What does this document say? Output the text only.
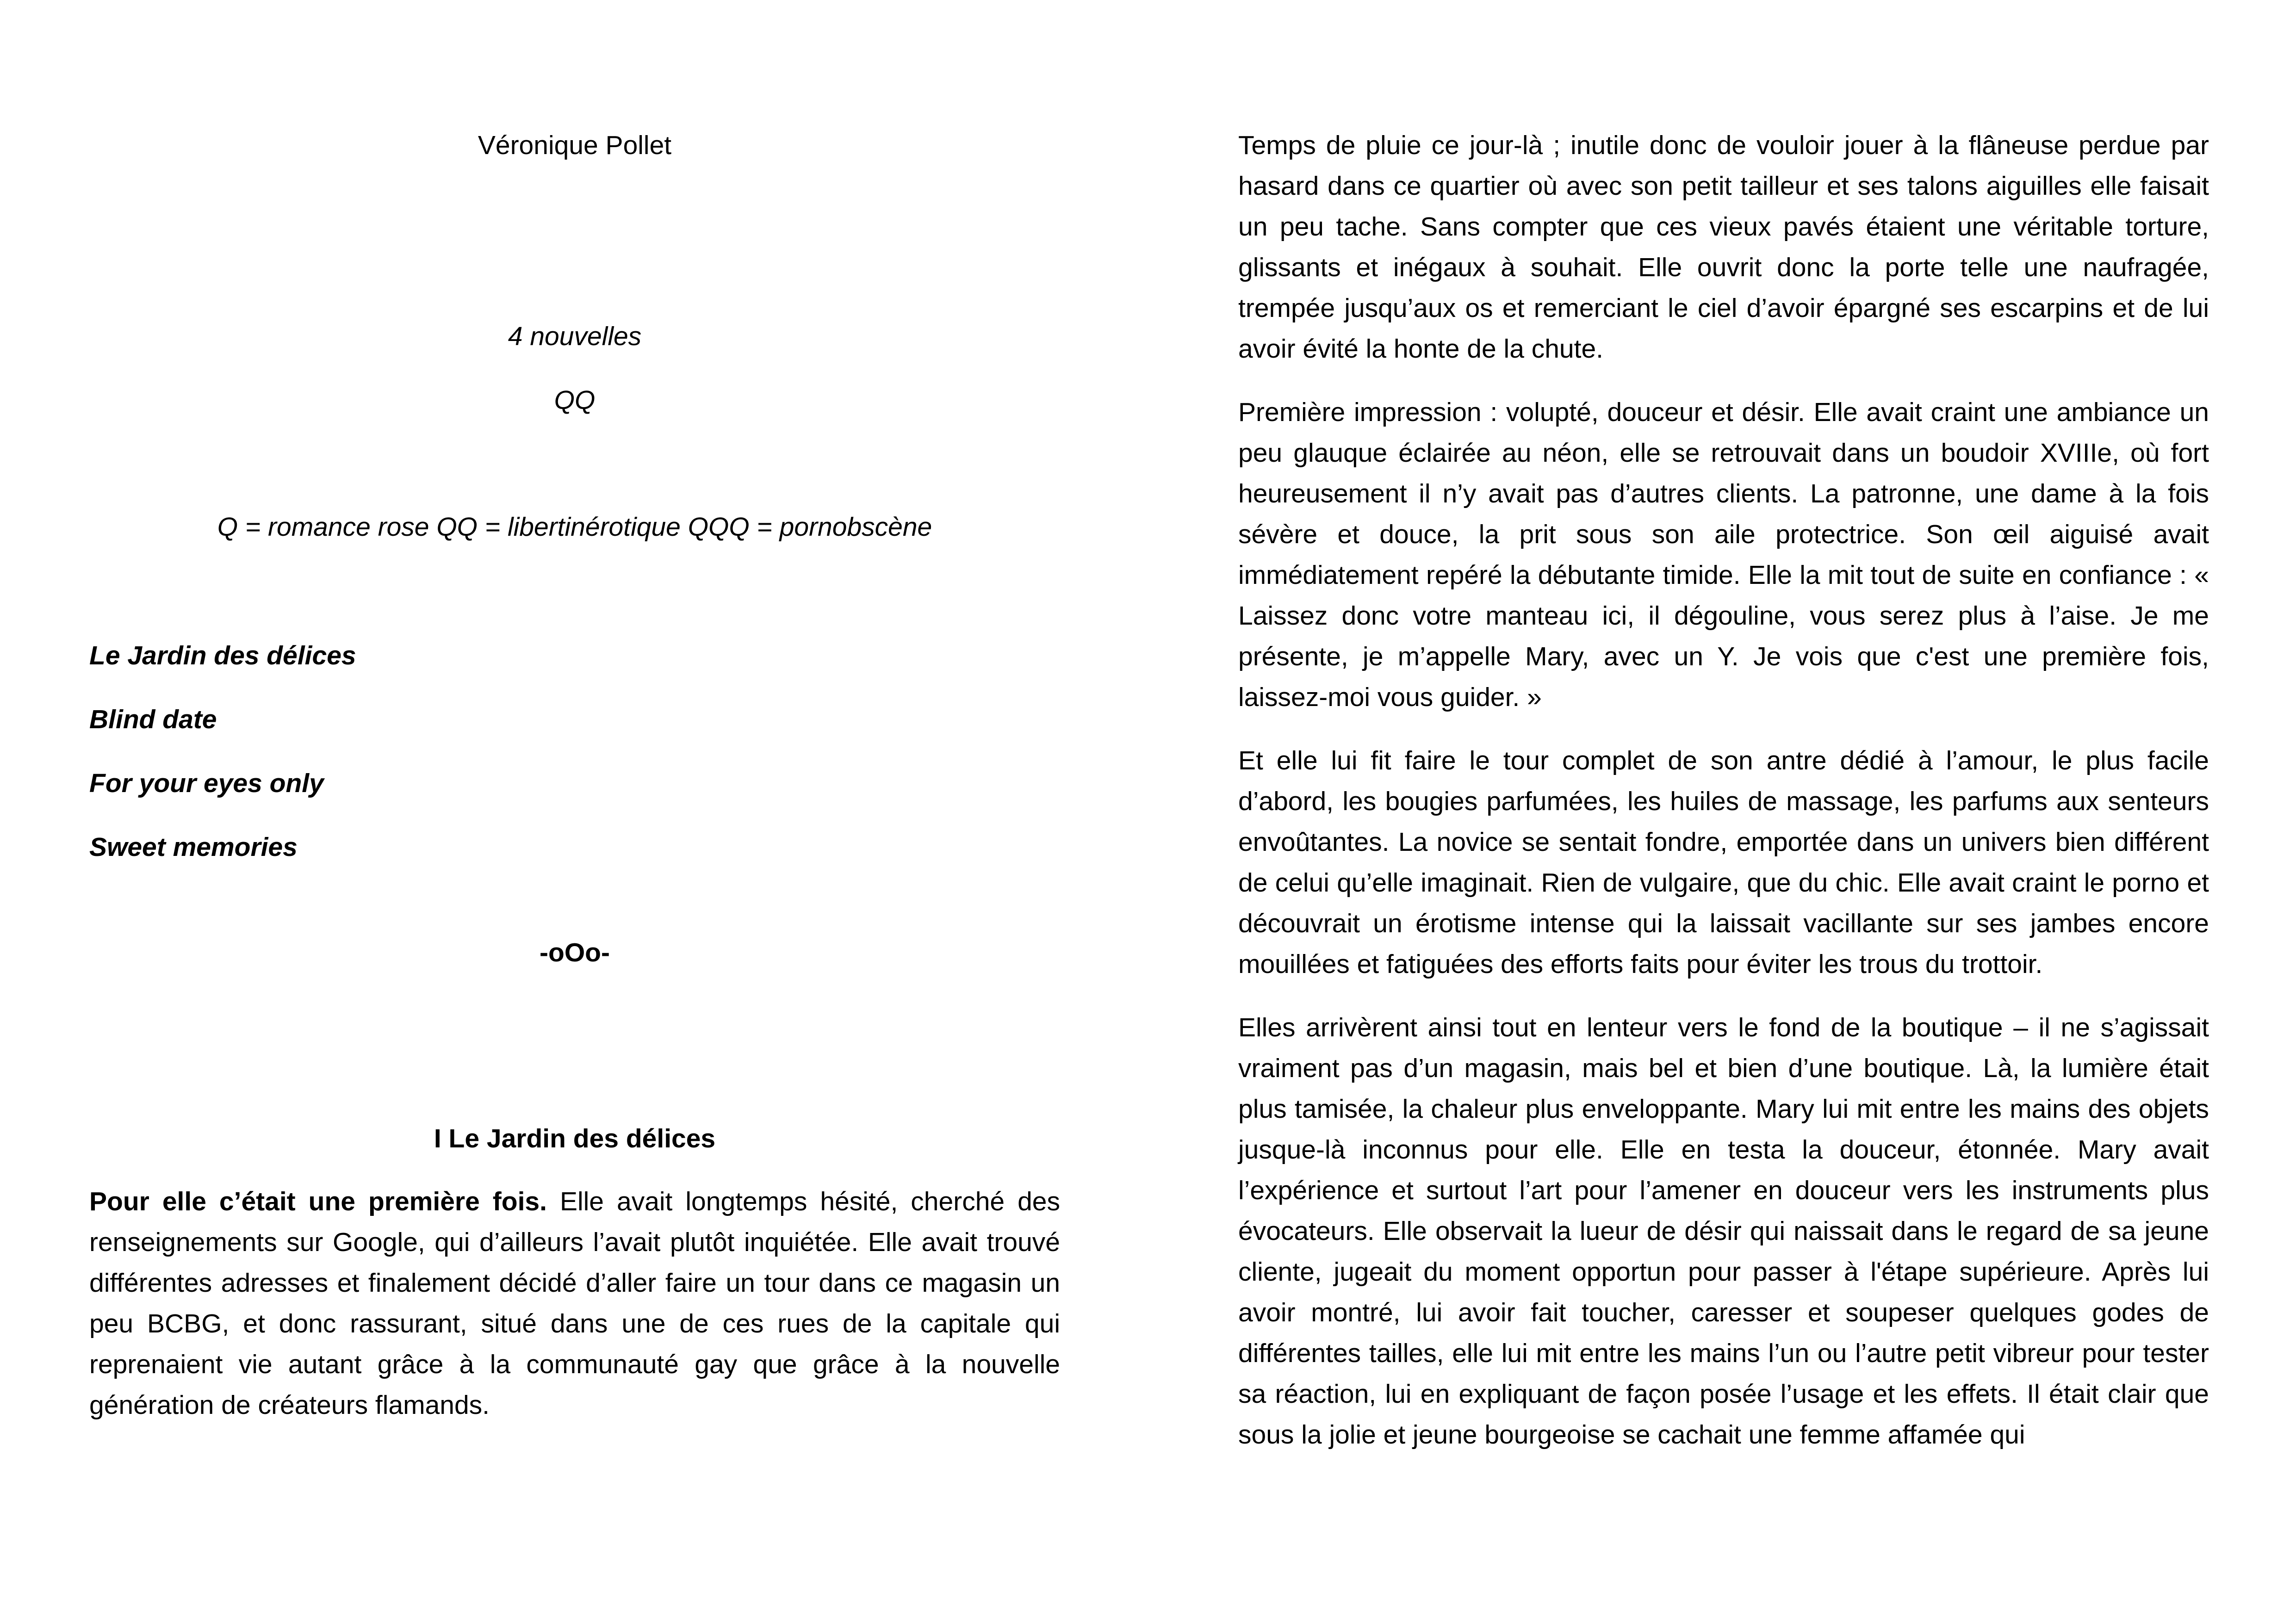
Véronique Pollet

4 nouvelles

QQ

Q = romance rose QQ = libertinérotique QQQ = pornobscène

Le Jardin des délices
Blind date
For your eyes only
Sweet memories

-oOo-

I Le Jardin des délices

Pour elle c’était une première fois. Elle avait longtemps hésité, cherché des renseignements sur Google, qui d’ailleurs l’avait plutôt inquiétée. Elle avait trouvé différentes adresses et finalement décidé d’aller faire un tour dans ce magasin un peu BCBG, et donc rassurant, situé dans une de ces rues de la capitale qui reprenaient vie autant grâce à la communauté gay que grâce à la nouvelle génération de créateurs flamands.

Temps de pluie ce jour-là ; inutile donc de vouloir jouer à la flâneuse perdue par hasard dans ce quartier où avec son petit tailleur et ses talons aiguilles elle faisait un peu tache. Sans compter que ces vieux pavés étaient une véritable torture, glissants et inégaux à souhait. Elle ouvrit donc la porte telle une naufragée, trempée jusqu’aux os et remerciant le ciel d’avoir épargné ses escarpins et de lui avoir évité la honte de la chute.

Première impression : volupté, douceur et désir. Elle avait craint une ambiance un peu glauque éclairée au néon, elle se retrouvait dans un boudoir XVIIIe, où fort heureusement il n’y avait pas d’autres clients. La patronne, une dame à la fois sévère et douce, la prit sous son aile protectrice. Son œil aiguisé avait immédiatement repéré la débutante timide. Elle la mit tout de suite en confiance : « Laissez donc votre manteau ici, il dégouline, vous serez plus à l’aise. Je me présente, je m’appelle Mary, avec un Y. Je vois que c'est une première fois, laissez-moi vous guider. »

Et elle lui fit faire le tour complet de son antre dédié à l’amour, le plus facile d’abord, les bougies parfumées, les huiles de massage, les parfums aux senteurs envoûtantes. La novice se sentait fondre, emportée dans un univers bien différent de celui qu’elle imaginait. Rien de vulgaire, que du chic. Elle avait craint le porno et découvrait un érotisme intense qui la laissait vacillante sur ses jambes encore mouillées et fatiguées des efforts faits pour éviter les trous du trottoir.

Elles arrivèrent ainsi tout en lenteur vers le fond de la boutique – il ne s’agissait vraiment pas d’un magasin, mais bel et bien d’une boutique. Là, la lumière était plus tamisée, la chaleur plus enveloppante. Mary lui mit entre les mains des objets jusque-là inconnus pour elle. Elle en testa la douceur, étonnée. Mary avait l’expérience et surtout l’art pour l’amener en douceur vers les instruments plus évocateurs. Elle observait la lueur de désir qui naissait dans le regard de sa jeune cliente, jugeait du moment opportun pour passer à l'étape supérieure. Après lui avoir montré, lui avoir fait toucher, caresser et soupeser quelques godes de différentes tailles, elle lui mit entre les mains l’un ou l’autre petit vibreur pour tester sa réaction, lui en expliquant de façon posée l’usage et les effets. Il était clair que sous la jolie et jeune bourgeoise se cachait une femme affamée qui
